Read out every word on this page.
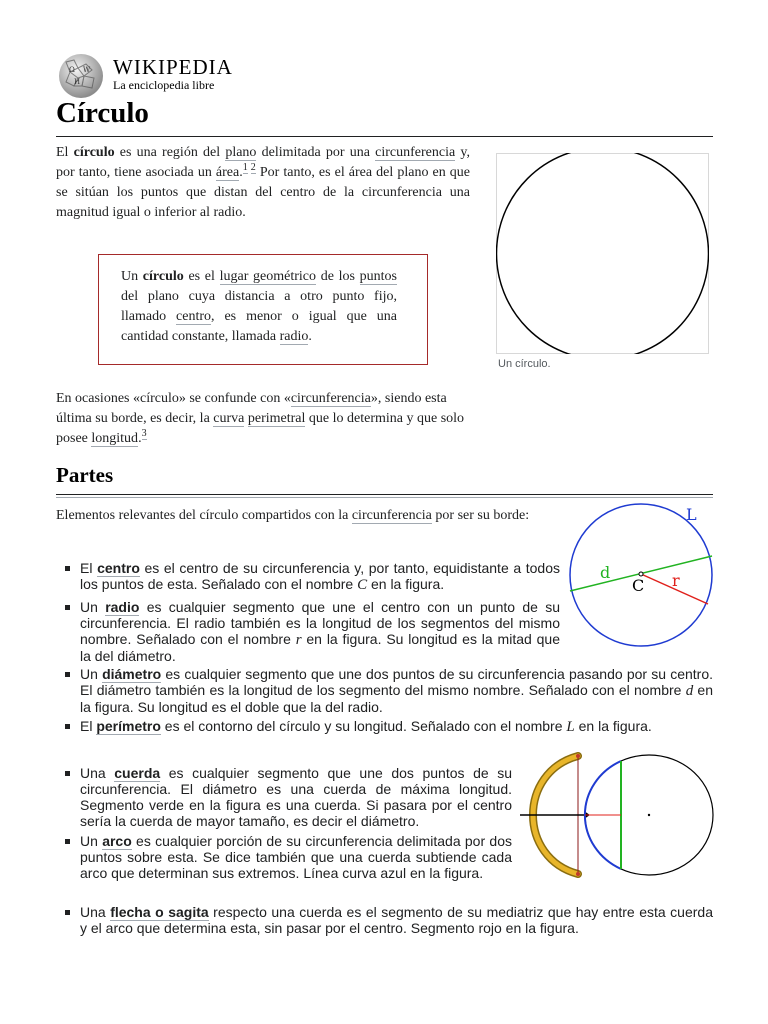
Ω W
И
WIKIPEDIA
La enciclopedia libre
Círculo

El círculo es una región del plano delimitada por una circunferencia y, por tanto, tiene asociada un área.$^{1 2}$ Por tanto, es el área del plano en que se sitúan los puntos que distan del centro de la circunferencia una magnitud igual o inferior al radio.

Un círculo es el lugar geométrico de los puntos del plano cuya distancia a otro punto fijo, llamado centro, es menor o igual que una cantidad constante, llamada radio.

Un círculo.

En ocasiones «círculo» se confunde con «circunferencia», siendo esta última su borde, es decir, la curva perimetral que lo determina y que solo posee longitud.$^3$

Partes

Elementos relevantes del círculo compartidos con la circunferencia por ser su borde:	L
d
C r
El centro es el centro de su circunferencia y, por tanto, equidistante a todos los puntos de esta. Señalado con el nombre C en la figura.
Un radio es cualquier segmento que une el centro con un punto de su circunferencia. El radio también es la longitud de los segmentos del mismo nombre. Señalado con el nombre r en la figura. Su longitud es la mitad que la del diámetro.
Un diámetro es cualquier segmento que une dos puntos de su circunferencia pasando por su centro. El diámetro también es la longitud de los segmento del mismo nombre. Señalado con el nombre d en la figura. Su longitud es el doble que la del radio.
El perímetro es el contorno del círculo y su longitud. Señalado con el nombre L en la figura.
Una cuerda es cualquier segmento que une dos puntos de su circunferencia. El diámetro es una cuerda de máxima longitud. Segmento verde en la figura es una cuerda. Si pasara por el centro sería la cuerda de mayor tamaño, es decir el diámetro.
Un arco es cualquier porción de su circunferencia delimitada por dos puntos sobre esta. Se dice también que una cuerda subtiende cada arco que determinan sus extremos. Línea curva azul en la figura.
Una flecha o sagita respecto una cuerda es el segmento de su mediatriz que hay entre esta cuerda y el arco que determina esta, sin pasar por el centro. Segmento rojo en la figura.
